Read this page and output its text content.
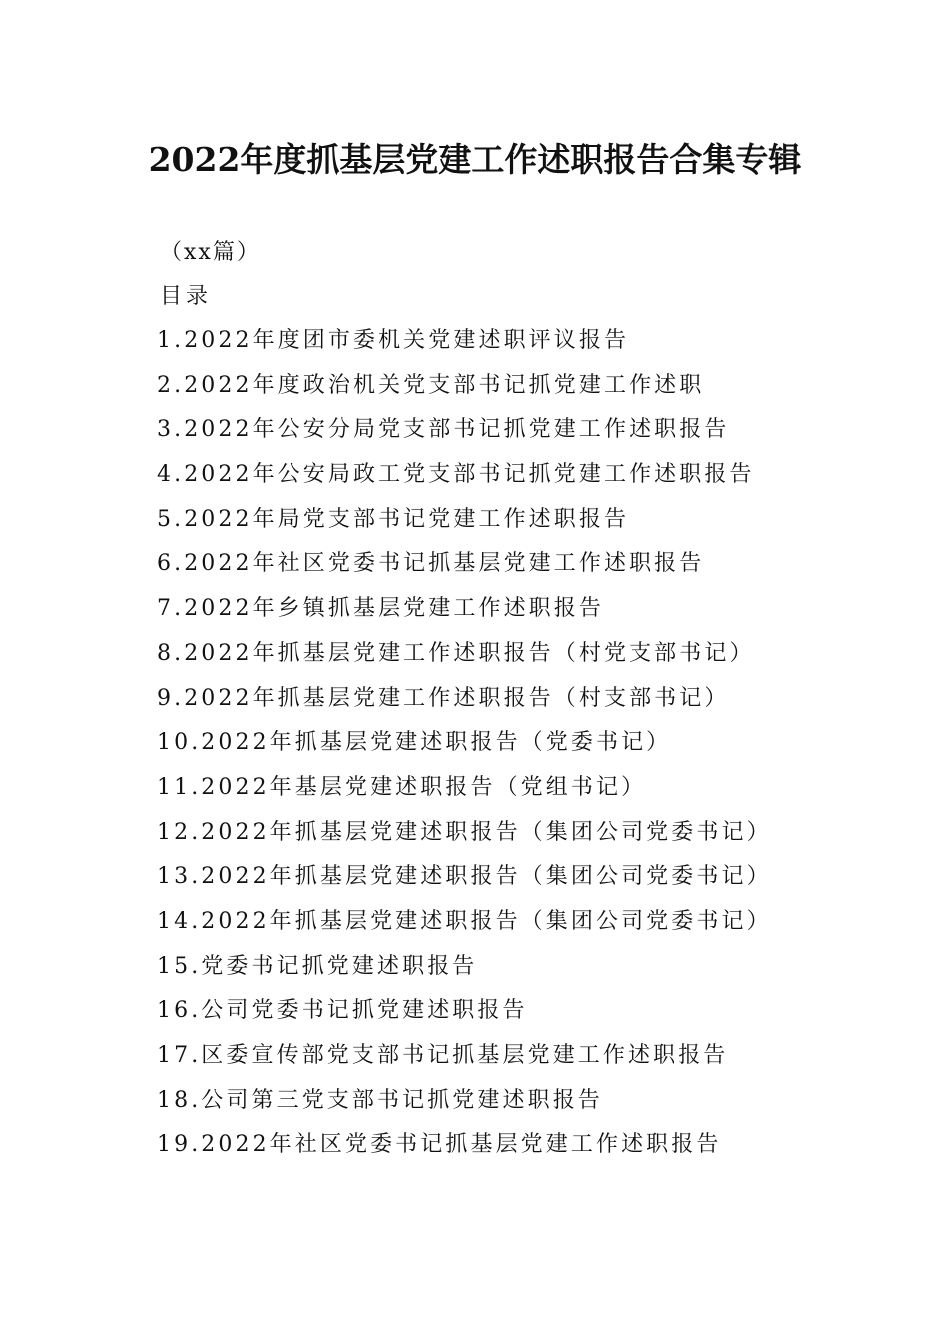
2022年度抓基层党建工作述职报告合集专辑
（xx篇）
目录
1.2022年度团市委机关党建述职评议报告
2.2022年度政治机关党支部书记抓党建工作述职
3.2022年公安分局党支部书记抓党建工作述职报告
4.2022年公安局政工党支部书记抓党建工作述职报告
5.2022年局党支部书记党建工作述职报告
6.2022年社区党委书记抓基层党建工作述职报告
7.2022年乡镇抓基层党建工作述职报告
8.2022年抓基层党建工作述职报告（村党支部书记）
9.2022年抓基层党建工作述职报告（村支部书记）
10.2022年抓基层党建述职报告（党委书记）
11.2022年基层党建述职报告（党组书记）
12.2022年抓基层党建述职报告（集团公司党委书记）
13.2022年抓基层党建述职报告（集团公司党委书记）
14.2022年抓基层党建述职报告（集团公司党委书记）
15.党委书记抓党建述职报告
16.公司党委书记抓党建述职报告
17.区委宣传部党支部书记抓基层党建工作述职报告
18.公司第三党支部书记抓党建述职报告
19.2022年社区党委书记抓基层党建工作述职报告
